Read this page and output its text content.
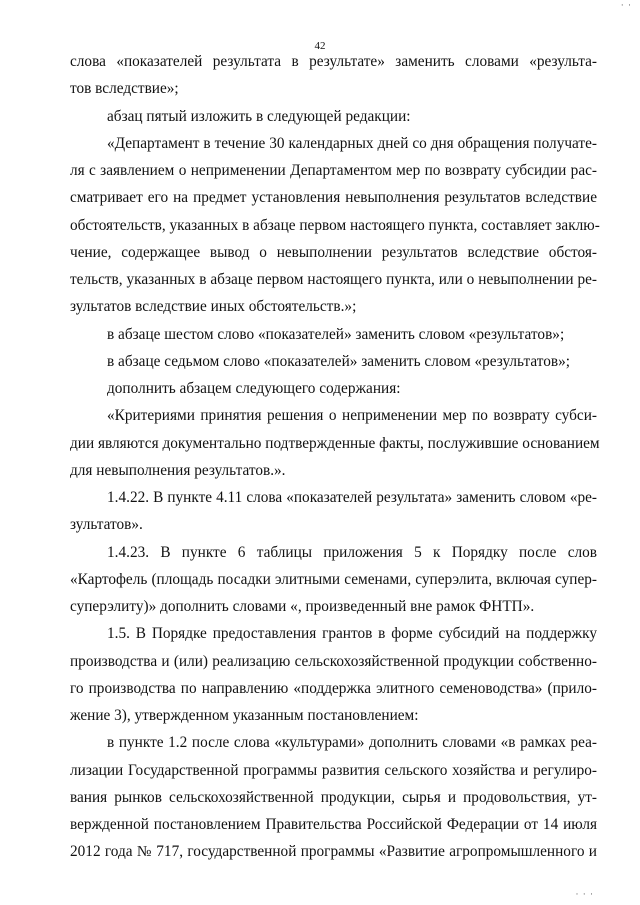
· ·
42
слова «показателей результата в результате» заменить словами «результа-
тов вследствие»;
абзац пятый изложить в следующей редакции:
«Департамент в течение 30 календарных дней со дня обращения получате-
ля с заявлением о неприменении Департаментом мер по возврату субсидии рас-
сматривает его на предмет установления невыполнения результатов вследствие
обстоятельств, указанных в абзаце первом настоящего пункта, составляет заклю-
чение, содержащее вывод о невыполнении результатов вследствие обстоя-
тельств, указанных в абзаце первом настоящего пункта, или о невыполнении ре-
зультатов вследствие иных обстоятельств.»;
в абзаце шестом слово «показателей» заменить словом «результатов»;
в абзаце седьмом слово «показателей» заменить словом «результатов»;
дополнить абзацем следующего содержания:
«Критериями принятия решения о неприменении мер по возврату субси-
дии являются документально подтвержденные факты, послужившие основанием
для невыполнения результатов.».
1.4.22. В пункте 4.11 слова «показателей результата» заменить словом «ре-
зультатов».
1.4.23. В пункте 6 таблицы приложения 5 к Порядку после слов
«Картофель (площадь посадки элитными семенами, суперэлита, включая супер-
суперэлиту)» дополнить словами «, произведенный вне рамок ФНТП».
1.5. В Порядке предоставления грантов в форме субсидий на поддержку
производства и (или) реализацию сельскохозяйственной продукции собственно-
го производства по направлению «поддержка элитного семеноводства» (прило-
жение 3), утвержденном указанным постановлением:
в пункте 1.2 после слова «культурами» дополнить словами «в рамках реа-
лизации Государственной программы развития сельского хозяйства и регулиро-
вания рынков сельскохозяйственной продукции, сырья и продовольствия, ут-
вержденной постановлением Правительства Российской Федерации от 14 июля
2012 года № 717, государственной программы «Развитие агропромышленного и
· · ·
